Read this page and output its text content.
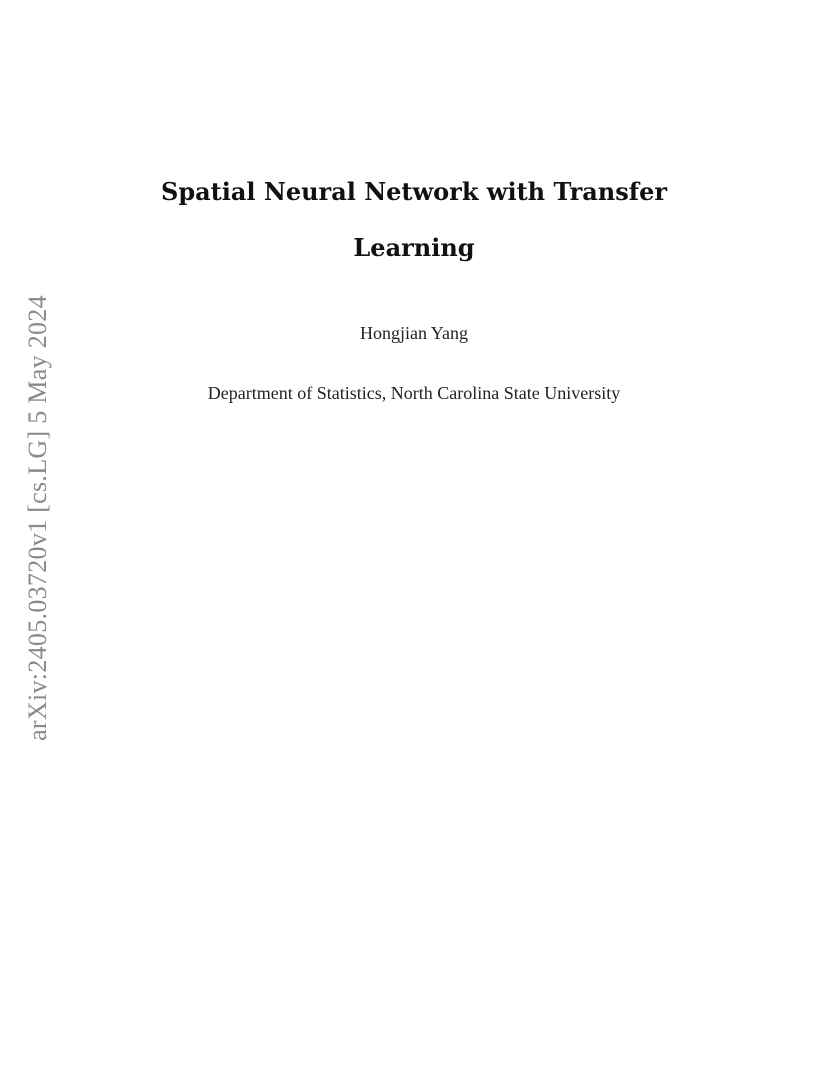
arXiv:2405.03720v1 [cs.LG] 5 May 2024
Spatial Neural Network with Transfer
Learning
Hongjian Yang
Department of Statistics, North Carolina State University
